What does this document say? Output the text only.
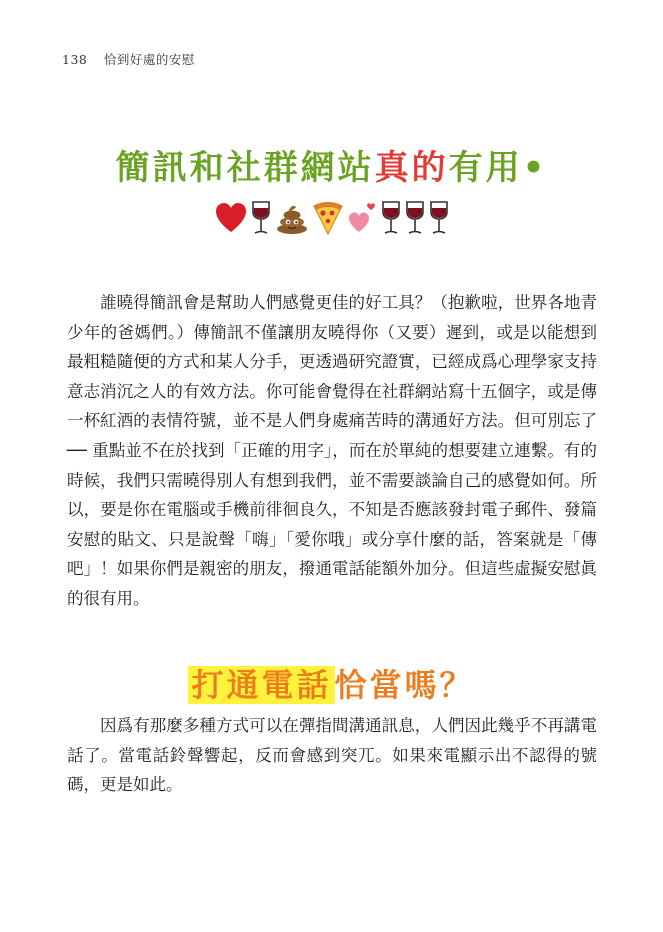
138 恰到好處的安慰
簡訊和社群網站真的有用•

誰曉得簡訊會是幫助人們感覺更佳的好工具？（抱歉啦，世界各地青少年的爸媽們。）傳簡訊不僅讓朋友曉得你（又要）遲到，或是以能想到最粗糙隨便的方式和某人分手，更透過研究證實，已經成爲心理學家支持意志消沉之人的有效方法。你可能會覺得在社群網站寫十五個字，或是傳一杯紅酒的表情符號，並不是人們身處痛苦時的溝通好方法。但可別忘了── 重點並不在於找到「正確的用字」，而在於單純的想要建立連繫。有的時候，我們只需曉得別人有想到我們，並不需要談論自己的感覺如何。所以，要是你在電腦或手機前徘徊良久，不知是否應該發封電子郵件、發篇安慰的貼文、只是說聲「嗨」「愛你哦」或分享什麼的話，答案就是「傳吧」！如果你們是親密的朋友，撥通電話能額外加分。但這些虛擬安慰眞的很有用。

打通電話恰當嗎？

因爲有那麼多種方式可以在彈指間溝通訊息，人們因此幾乎不再講電話了。當電話鈴聲響起，反而會感到突兀。如果來電顯示出不認得的號碼，更是如此。
